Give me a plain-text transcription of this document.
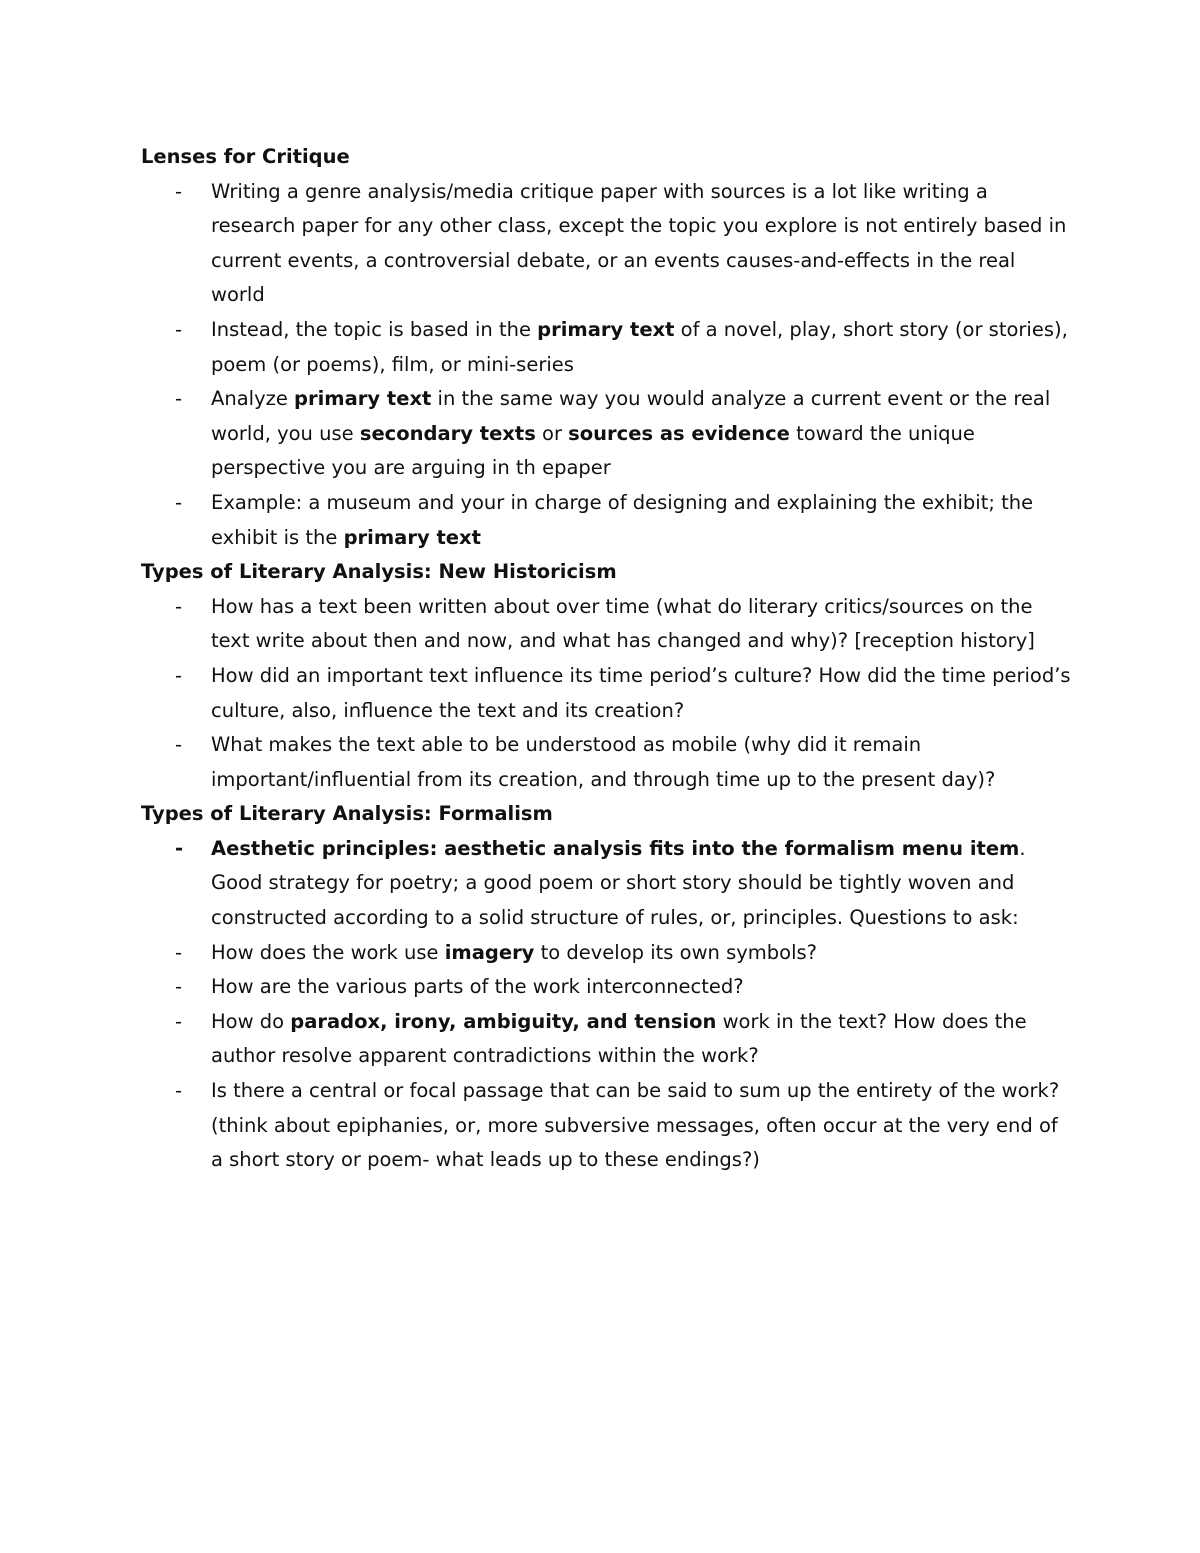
Lenses for Critique

- Writing a genre analysis/media critique paper with sources is a lot like writing a research paper for any other class, except the topic you explore is not entirely based in current events, a controversial debate, or an events causes-and-effects in the real world
- Instead, the topic is based in the primary text of a novel, play, short story (or stories), poem (or poems), film, or mini-series
- Analyze primary text in the same way you would analyze a current event or the real world, you use secondary texts or sources as evidence toward the unique perspective you are arguing in th epaper
- Example: a museum and your in charge of designing and explaining the exhibit; the exhibit is the primary text

Types of Literary Analysis: New Historicism

- How has a text been written about over time (what do literary critics/sources on the text write about then and now, and what has changed and why)? [reception history]
- How did an important text influence its time period’s culture? How did the time period’s culture, also, influence the text and its creation?
- What makes the text able to be understood as mobile (why did it remain important/influential from its creation, and through time up to the present day)?

Types of Literary Analysis: Formalism

- Aesthetic principles: aesthetic analysis fits into the formalism menu item. Good strategy for poetry; a good poem or short story should be tightly woven and constructed according to a solid structure of rules, or, principles. Questions to ask:
- How does the work use imagery to develop its own symbols?
- How are the various parts of the work interconnected?
- How do paradox, irony, ambiguity, and tension work in the text? How does the author resolve apparent contradictions within the work?
- Is there a central or focal passage that can be said to sum up the entirety of the work? (think about epiphanies, or, more subversive messages, often occur at the very end of a short story or poem- what leads up to these endings?)
